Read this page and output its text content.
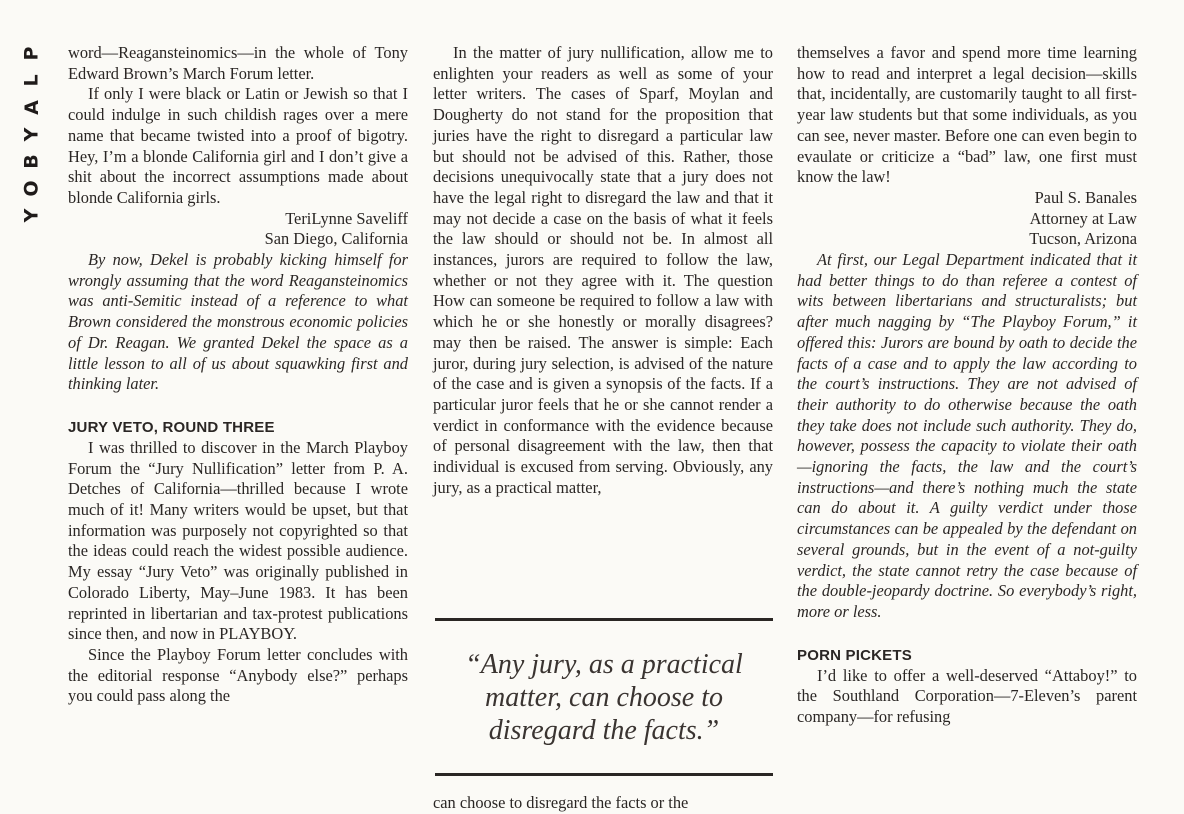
P
L
A
Y
B
O
Y

word—Reagansteinomics—in the whole of Tony Edward Brown’s March Forum letter.

If only I were black or Latin or Jewish so that I could indulge in such childish rages over a mere name that became twisted into a proof of bigotry. Hey, I’m a blonde California girl and I don’t give a shit about the incorrect assumptions made about blonde California girls.

TeriLynne Saveliff

San Diego, California

By now, Dekel is probably kicking himself for wrongly assuming that the word Reagansteinomics was anti-Semitic instead of a reference to what Brown considered the monstrous economic policies of Dr. Reagan. We granted Dekel the space as a little lesson to all of us about squawking first and thinking later.

JURY VETO, ROUND THREE

I was thrilled to discover in the March Playboy Forum the “Jury Nullification” letter from P. A. Detches of California—thrilled because I wrote much of it! Many writers would be upset, but that information was purposely not copyrighted so that the ideas could reach the widest possible audience. My essay “Jury Veto” was originally published in Colorado Liberty, May–June 1983. It has been reprinted in libertarian and tax-protest publications since then, and now in PLAYBOY.

Since the Playboy Forum letter concludes with the editorial response “Anybody else?” perhaps you could pass along the

In the matter of jury nullification, allow me to enlighten your readers as well as some of your letter writers. The cases of Sparf, Moylan and Dougherty do not stand for the proposition that juries have the right to disregard a particular law but should not be advised of this. Rather, those decisions unequivocally state that a jury does not have the legal right to disregard the law and that it may not decide a case on the basis of what it feels the law should or should not be. In almost all instances, jurors are required to follow the law, whether or not they agree with it. The question How can someone be required to follow a law with which he or she honestly or morally disagrees? may then be raised. The answer is simple: Each juror, during jury selection, is advised of the nature of the case and is given a synopsis of the facts. If a particular juror feels that he or she cannot render a verdict in conformance with the evidence because of personal disagreement with the law, then that individual is excused from serving. Obviously, any jury, as a practical matter,

“Any jury, as a practical matter, can choose to disregard the facts.”

can choose to disregard the facts or the

themselves a favor and spend more time learning how to read and interpret a legal decision—skills that, incidentally, are customarily taught to all first-year law students but that some individuals, as you can see, never master. Before one can even begin to evaulate or criticize a “bad” law, one first must know the law!

Paul S. Banales

Attorney at Law

Tucson, Arizona

At first, our Legal Department indicated that it had better things to do than referee a contest of wits between libertarians and structuralists; but after much nagging by “The Playboy Forum,” it offered this: Jurors are bound by oath to decide the facts of a case and to apply the law according to the court’s instructions. They are not advised of their authority to do otherwise because the oath they take does not include such authority. They do, however, possess the capacity to violate their oath—ignoring the facts, the law and the court’s instructions—and there’s nothing much the state can do about it. A guilty verdict under those circumstances can be appealed by the defendant on several grounds, but in the event of a not-guilty verdict, the state cannot retry the case because of the double-jeopardy doctrine. So everybody’s right, more or less.

PORN PICKETS

I’d like to offer a well-deserved “Attaboy!” to the Southland Corporation—7-Eleven’s parent company—for refusing
